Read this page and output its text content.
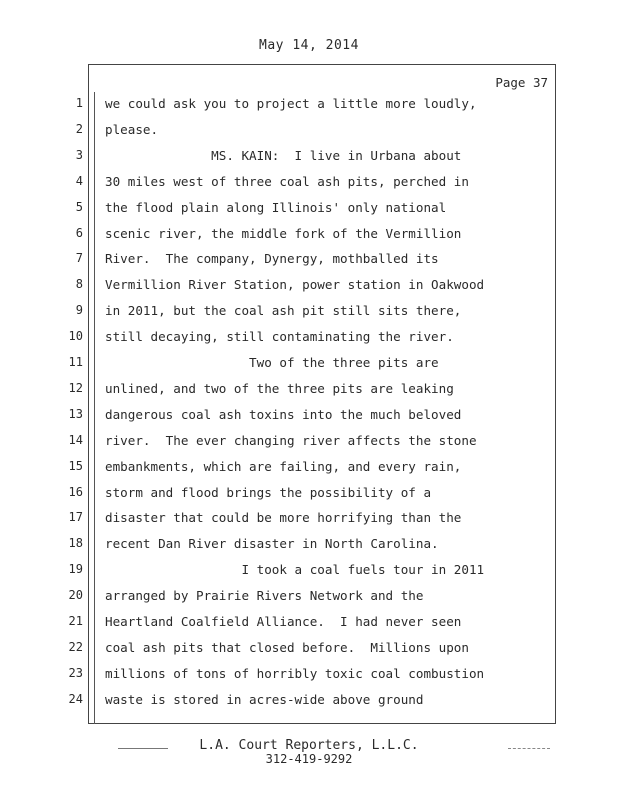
May 14, 2014
Page 37
1 we could ask you to project a little more loudly,
2 please.
3 MS. KAIN:  I live in Urbana about
4 30 miles west of three coal ash pits, perched in
5 the flood plain along Illinois' only national
6 scenic river, the middle fork of the Vermillion
7 River.  The company, Dynergy, mothballed its
8 Vermillion River Station, power station in Oakwood
9 in 2011, but the coal ash pit still sits there,
10 still decaying, still contaminating the river.
11 Two of the three pits are
12 unlined, and two of the three pits are leaking
13 dangerous coal ash toxins into the much beloved
14 river.  The ever changing river affects the stone
15 embankments, which are failing, and every rain,
16 storm and flood brings the possibility of a
17 disaster that could be more horrifying than the
18 recent Dan River disaster in North Carolina.
19 I took a coal fuels tour in 2011
20 arranged by Prairie Rivers Network and the
21 Heartland Coalfield Alliance.  I had never seen
22 coal ash pits that closed before.  Millions upon
23 millions of tons of horribly toxic coal combustion
24 waste is stored in acres-wide above ground
L.A. Court Reporters, L.L.C.
312-419-9292
